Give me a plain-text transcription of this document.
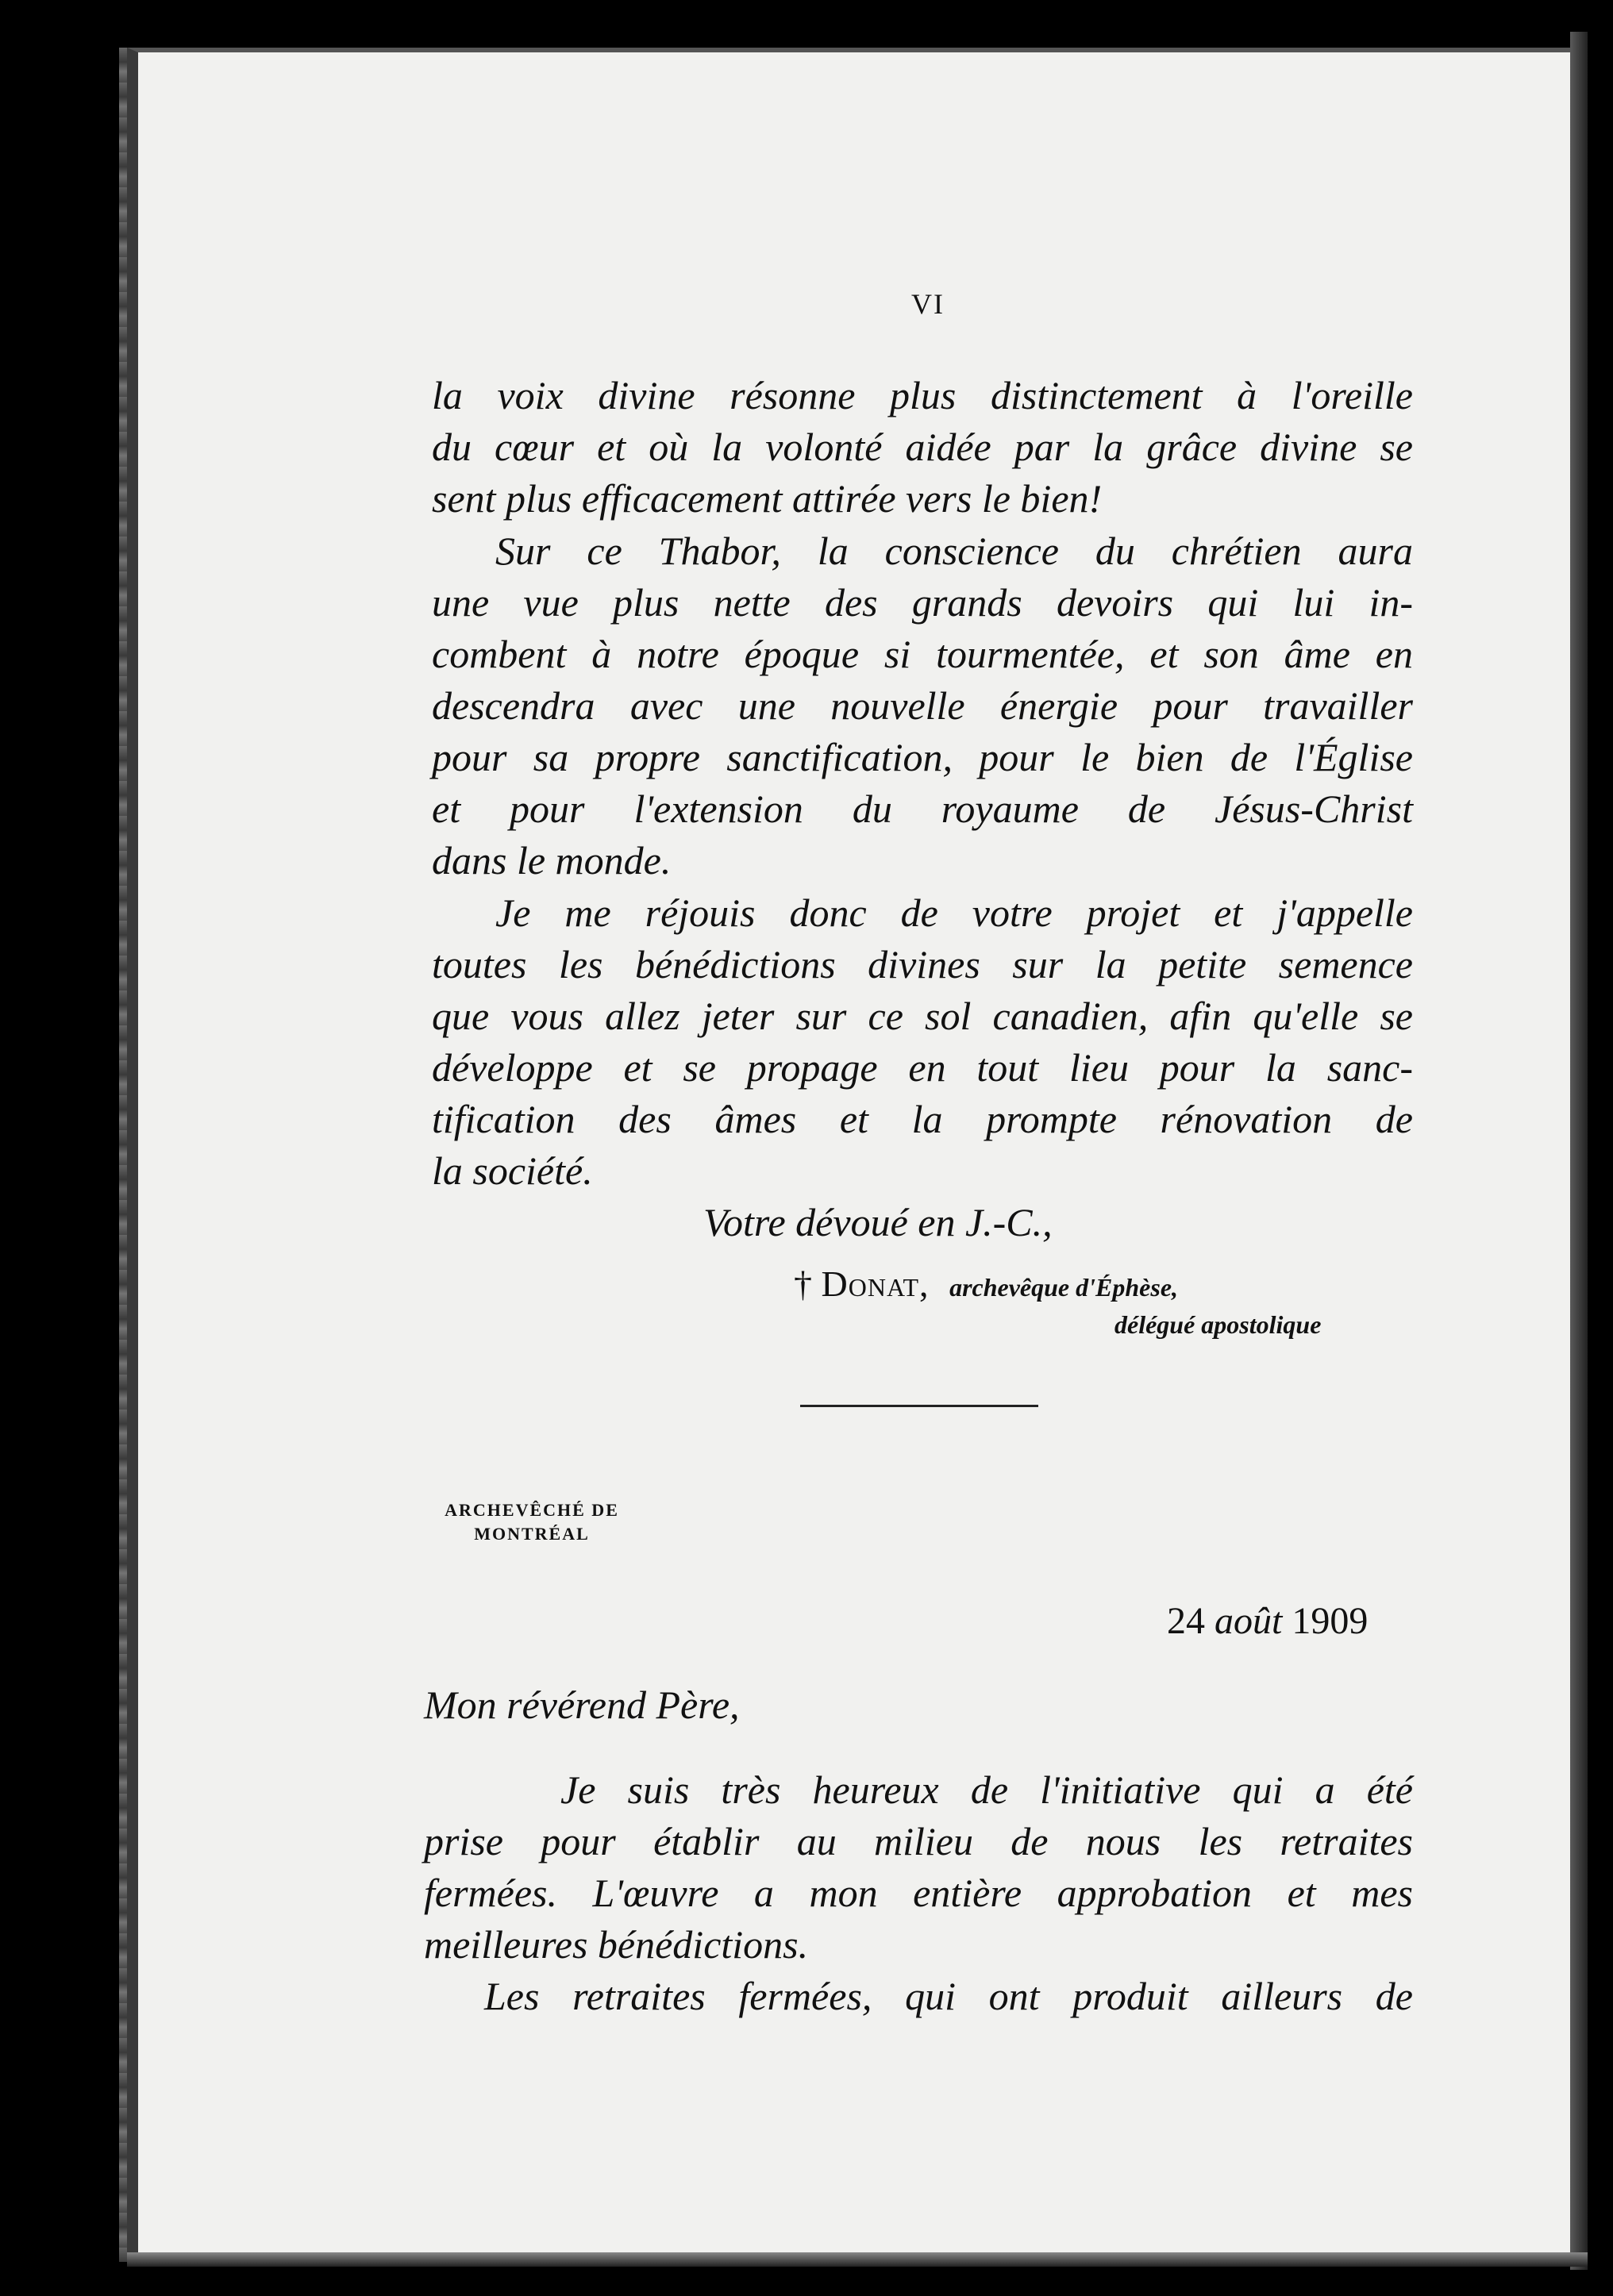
VI
la voix divine résonne plus distinctement à l'oreille
du cœur et où la volonté aidée par la grâce divine se
sent plus efficacement attirée vers le bien!
Sur ce Thabor, la conscience du chrétien aura
une vue plus nette des grands devoirs qui lui in-
combent à notre époque si tourmentée, et son âme en
descendra avec une nouvelle énergie pour travailler
pour sa propre sanctification, pour le bien de l'Église
et pour l'extension du royaume de Jésus-Christ
dans le monde.
Je me réjouis donc de votre projet et j'appelle
toutes les bénédictions divines sur la petite semence
que vous allez jeter sur ce sol canadien, afin qu'elle se
développe et se propage en tout lieu pour la sanc-
tification des âmes et la prompte rénovation de
la société.
Votre dévoué en J.-C.,
† Donat, archevêque d'Éphèse,
délégué apostolique
ARCHEVÊCHÉ DE
MONTRÉAL
24 août 1909
Mon révérend Père,
Je suis très heureux de l'initiative qui a été
prise pour établir au milieu de nous les retraites
fermées. L'œuvre a mon entière approbation et mes
meilleures bénédictions.
Les retraites fermées, qui ont produit ailleurs de
